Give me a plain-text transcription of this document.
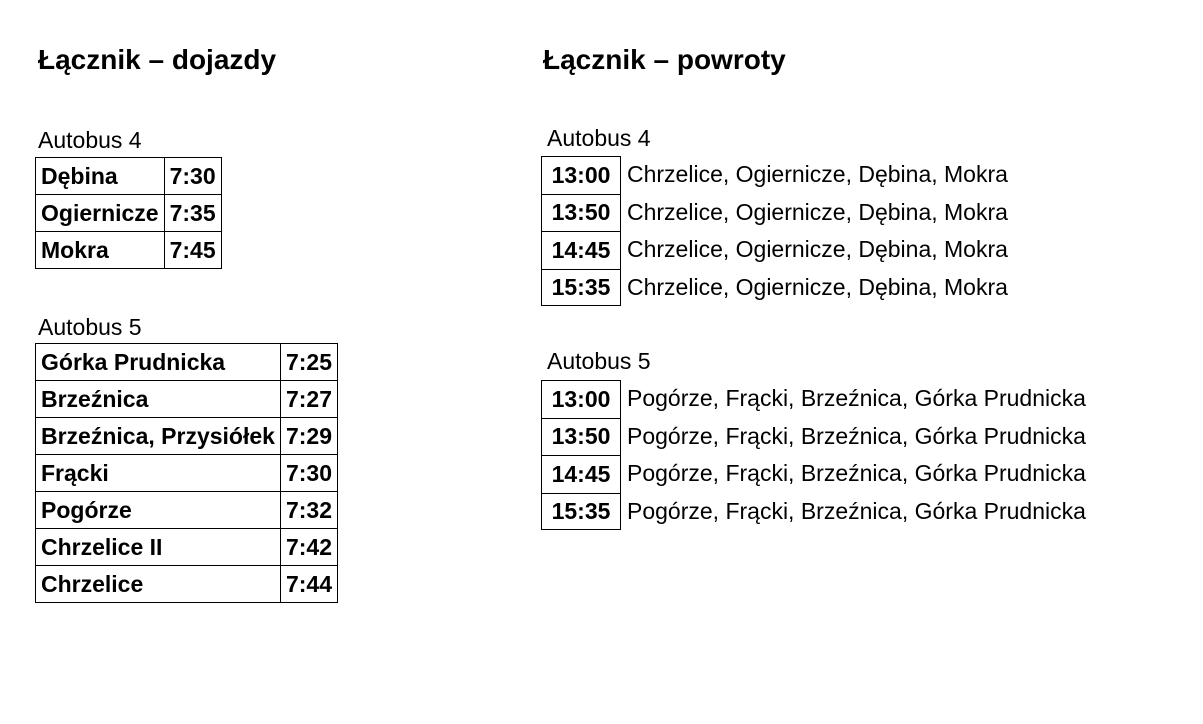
Łącznik – dojazdy
Autobus 4
Dębina	7:30
Ogiernicze	7:35
Mokra	7:45
Autobus 5
Górka Prudnicka	7:25
Brzeźnica	7:27
Brzeźnica, Przysiółek	7:29
Frącki	7:30
Pogórze	7:32
Chrzelice II	7:42
Chrzelice	7:44
Łącznik – powroty
Autobus 4
13:00 Chrzelice, Ogiernicze, Dębina, Mokra
13:50 Chrzelice, Ogiernicze, Dębina, Mokra
14:45 Chrzelice, Ogiernicze, Dębina, Mokra
15:35 Chrzelice, Ogiernicze, Dębina, Mokra
Autobus 5
13:00 Pogórze, Frącki, Brzeźnica, Górka Prudnicka
13:50 Pogórze, Frącki, Brzeźnica, Górka Prudnicka
14:45 Pogórze, Frącki, Brzeźnica, Górka Prudnicka
15:35 Pogórze, Frącki, Brzeźnica, Górka Prudnicka
